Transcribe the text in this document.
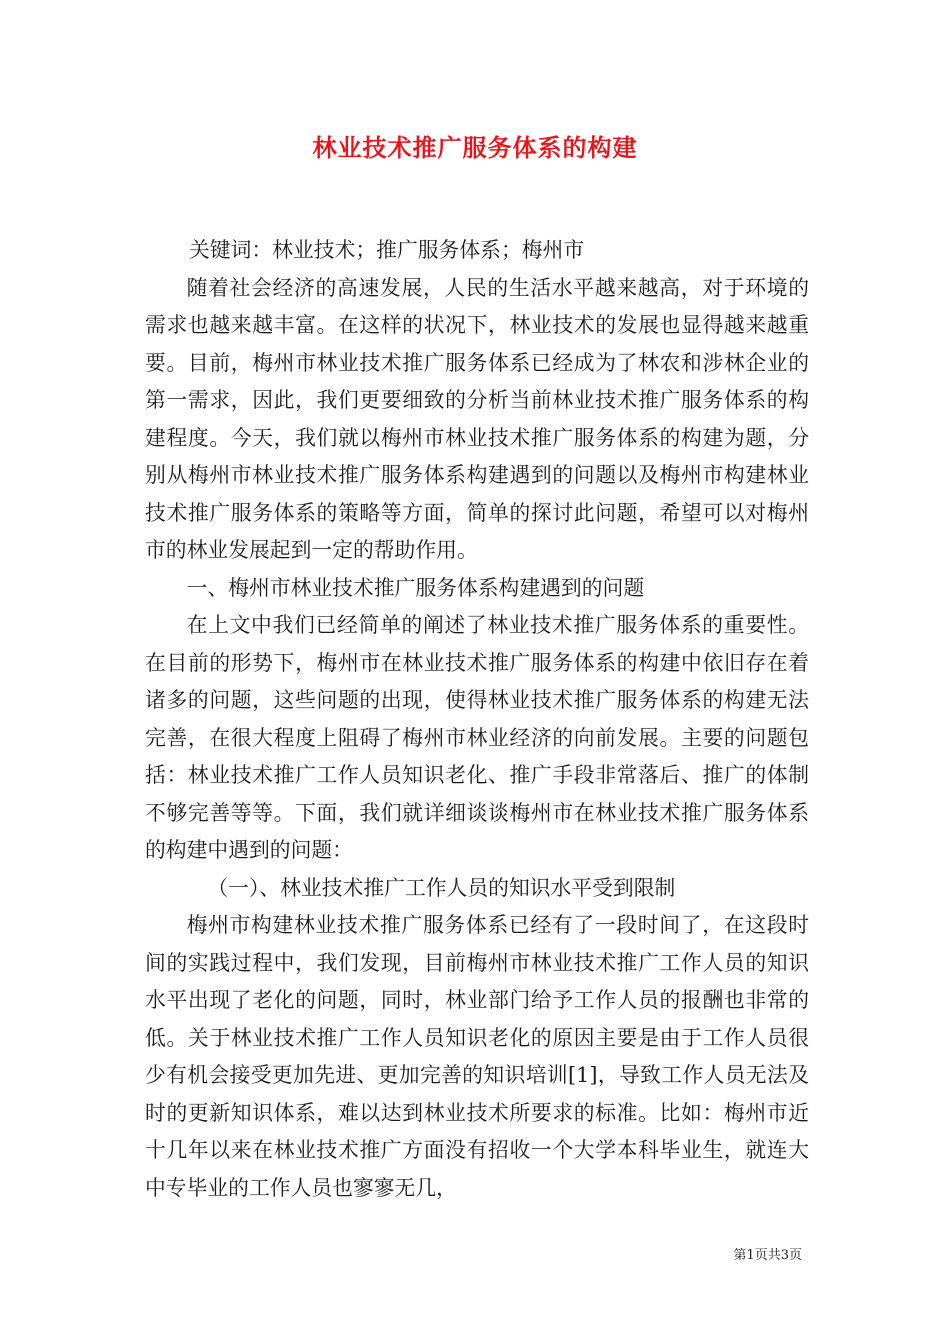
林业技术推广服务体系的构建

关键词：林业技术；推广服务体系；梅州市

随着社会经济的高速发展，人民的生活水平越来越高，对于环境的需求也越来越丰富。在这样的状况下，林业技术的发展也显得越来越重要。目前，梅州市林业技术推广服务体系已经成为了林农和涉林企业的第一需求，因此，我们更要细致的分析当前林业技术推广服务体系的构建程度。今天，我们就以梅州市林业技术推广服务体系的构建为题，分别从梅州市林业技术推广服务体系构建遇到的问题以及梅州市构建林业技术推广服务体系的策略等方面，简单的探讨此问题，希望可以对梅州市的林业发展起到一定的帮助作用。

一、梅州市林业技术推广服务体系构建遇到的问题

在上文中我们已经简单的阐述了林业技术推广服务体系的重要性。在目前的形势下，梅州市在林业技术推广服务体系的构建中依旧存在着诸多的问题，这些问题的出现，使得林业技术推广服务体系的构建无法完善，在很大程度上阻碍了梅州市林业经济的向前发展。主要的问题包括：林业技术推广工作人员知识老化、推广手段非常落后、推广的体制不够完善等等。下面，我们就详细谈谈梅州市在林业技术推广服务体系的构建中遇到的问题：

（一）、林业技术推广工作人员的知识水平受到限制

梅州市构建林业技术推广服务体系已经有了一段时间了，在这段时间的实践过程中，我们发现，目前梅州市林业技术推广工作人员的知识水平出现了老化的问题，同时，林业部门给予工作人员的报酬也非常的低。关于林业技术推广工作人员知识老化的原因主要是由于工作人员很少有机会接受更加先进、更加完善的知识培训[1]，导致工作人员无法及时的更新知识体系，难以达到林业技术所要求的标准。比如：梅州市近十几年以来在林业技术推广方面没有招收一个大学本科毕业生，就连大中专毕业的工作人员也寥寥无几，

第1页共3页
